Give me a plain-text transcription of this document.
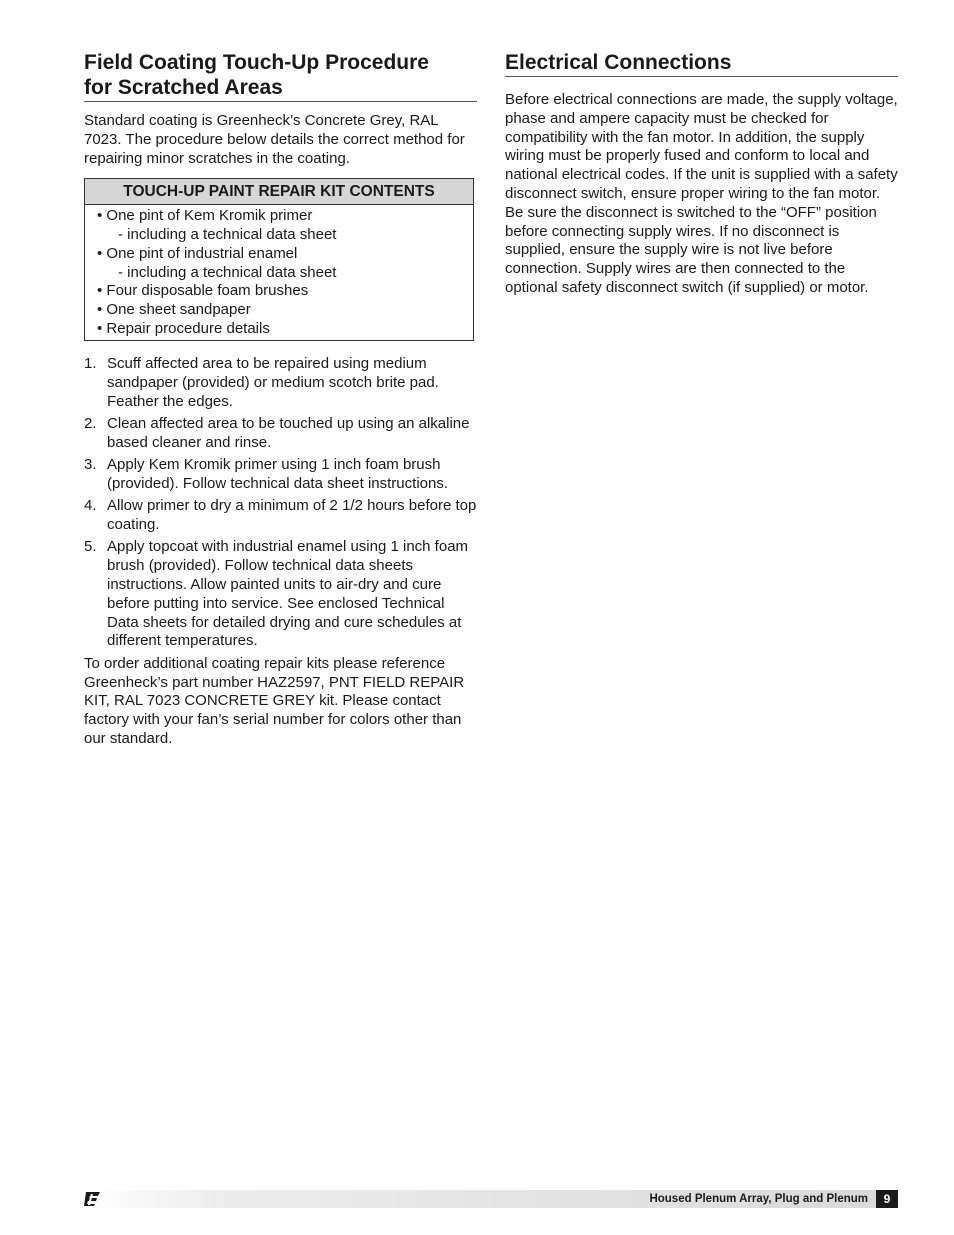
Field Coating Touch-Up Procedure
for Scratched Areas

Standard coating is Greenheck’s Concrete Grey, RAL 7023. The procedure below details the correct method for repairing minor scratches in the coating.

TOUCH-UP PAINT REPAIR KIT CONTENTS
• One pint of Kem Kromik primer
- including a technical data sheet
• One pint of industrial enamel
- including a technical data sheet
• Four disposable foam brushes
• One sheet sandpaper
• Repair procedure details
1. Scuff affected area to be repaired using medium sandpaper (provided) or medium scotch brite pad. Feather the edges.
2. Clean affected area to be touched up using an alkaline based cleaner and rinse.
3. Apply Kem Kromik primer using 1 inch foam brush (provided). Follow technical data sheet instructions.
4. Allow primer to dry a minimum of 2 1/2 hours before top coating.
5. Apply topcoat with industrial enamel using 1 inch foam brush (provided). Follow technical data sheets instructions. Allow painted units to air-dry and cure before putting into service. See enclosed Technical Data sheets for detailed drying and cure schedules at different temperatures.

To order additional coating repair kits please reference Greenheck’s part number HAZ2597, PNT FIELD REPAIR KIT, RAL 7023 CONCRETE GREY kit. Please contact factory with your fan’s serial number for colors other than our standard.

Electrical Connections

Before electrical connections are made, the supply voltage, phase and ampere capacity must be checked for compatibility with the fan motor. In addition, the supply wiring must be properly fused and conform to local and national electrical codes. If the unit is supplied with a safety disconnect switch, ensure proper wiring to the fan motor. Be sure the disconnect is switched to the “OFF” position before connecting supply wires. If no disconnect is supplied, ensure the supply wire is not live before connection. Supply wires are then connected to the optional safety disconnect switch (if supplied) or motor.

Housed Plenum Array, Plug and Plenum	9
